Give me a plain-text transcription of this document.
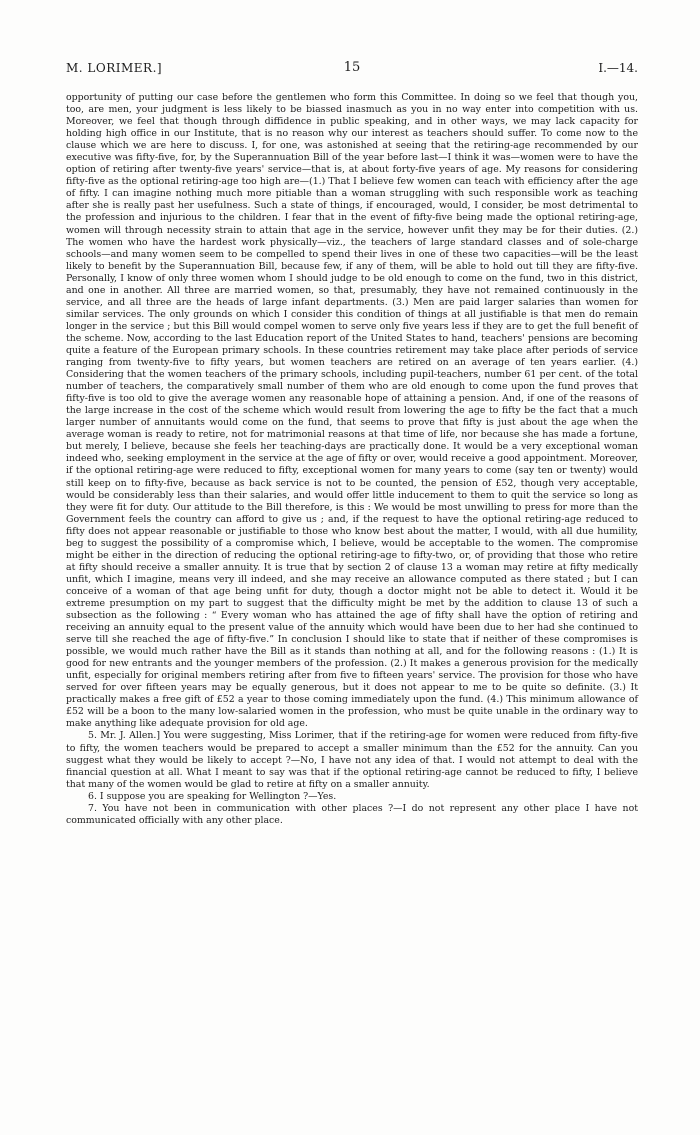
M. LORIMER.]	15	I.—14.

opportunity of putting our case before the gentlemen who form this Committee. In doing so we feel that though you, too, are men, your judgment is less likely to be biassed inasmuch as you in no way enter into competition with us. Moreover, we feel that though through diffidence in public speaking, and in other ways, we may lack capacity for holding high office in our Institute, that is no reason why our interest as teachers should suffer. To come now to the clause which we are here to discuss. I, for one, was astonished at seeing that the retiring-age recommended by our executive was fifty-five, for, by the Superannuation Bill of the year before last—I think it was—women were to have the option of retiring after twenty-five years' service—that is, at about forty-five years of age. My reasons for considering fifty-five as the optional retiring-age too high are—(1.) That I believe few women can teach with efficiency after the age of fifty. I can imagine nothing much more pitiable than a woman struggling with such responsible work as teaching after she is really past her usefulness. Such a state of things, if encouraged, would, I consider, be most detrimental to the profession and injurious to the children. I fear that in the event of fifty-five being made the optional retiring-age, women will through necessity strain to attain that age in the service, however unfit they may be for their duties. (2.) The women who have the hardest work physically—viz., the teachers of large standard classes and of sole-charge schools—and many women seem to be compelled to spend their lives in one of these two capacities—will be the least likely to benefit by the Superannuation Bill, because few, if any of them, will be able to hold out till they are fifty-five. Personally, I know of only three women whom I should judge to be old enough to come on the fund, two in this district, and one in another. All three are married women, so that, presumably, they have not remained continuously in the service, and all three are the heads of large infant departments. (3.) Men are paid larger salaries than women for similar services. The only grounds on which I consider this condition of things at all justifiable is that men do remain longer in the service ; but this Bill would compel women to serve only five years less if they are to get the full benefit of the scheme. Now, according to the last Education report of the United States to hand, teachers' pensions are becoming quite a feature of the European primary schools. In these countries retirement may take place after periods of service ranging from twenty-five to fifty years, but women teachers are retired on an average of ten years earlier. (4.) Considering that the women teachers of the primary schools, including pupil-teachers, number 61 per cent. of the total number of teachers, the comparatively small number of them who are old enough to come upon the fund proves that fifty-five is too old to give the average women any reasonable hope of attaining a pension. And, if one of the reasons of the large increase in the cost of the scheme which would result from lowering the age to fifty be the fact that a much larger number of annuitants would come on the fund, that seems to prove that fifty is just about the age when the average woman is ready to retire, not for matrimonial reasons at that time of life, nor because she has made a fortune, but merely, I believe, because she feels her teaching-days are practically done. It would be a very exceptional woman indeed who, seeking employment in the service at the age of fifty or over, would receive a good appointment. Moreover, if the optional retiring-age were reduced to fifty, exceptional women for many years to come (say ten or twenty) would still keep on to fifty-five, because as back service is not to be counted, the pension of £52, though very acceptable, would be considerably less than their salaries, and would offer little inducement to them to quit the service so long as they were fit for duty. Our attitude to the Bill therefore, is this : We would be most unwilling to press for more than the Government feels the country can afford to give us ; and, if the request to have the optional retiring-age reduced to fifty does not appear reasonable or justifiable to those who know best about the matter, I would, with all due humility, beg to suggest the possibility of a compromise which, I believe, would be acceptable to the women. The compromise might be either in the direction of reducing the optional retiring-age to fifty-two, or, of providing that those who retire at fifty should receive a smaller annuity. It is true that by section 2 of clause 13 a woman may retire at fifty medically unfit, which I imagine, means very ill indeed, and she may receive an allowance computed as there stated ; but I can conceive of a woman of that age being unfit for duty, though a doctor might not be able to detect it. Would it be extreme presumption on my part to suggest that the difficulty might be met by the addition to clause 13 of such a subsection as the following : “ Every woman who has attained the age of fifty shall have the option of retiring and receiving an annuity equal to the present value of the annuity which would have been due to her had she continued to serve till she reached the age of fifty-five.” In conclusion I should like to state that if neither of these compromises is possible, we would much rather have the Bill as it stands than nothing at all, and for the following reasons : (1.) It is good for new entrants and the younger members of the profession. (2.) It makes a generous provision for the medically unfit, especially for original members retiring after from five to fifteen years' service. The provision for those who have served for over fifteen years may be equally generous, but it does not appear to me to be quite so definite. (3.) It practically makes a free gift of £52 a year to those coming immediately upon the fund. (4.) This minimum allowance of £52 will be a boon to the many low-salaried women in the profession, who must be quite unable in the ordinary way to make anything like adequate provision for old age.

5. Mr. J. Allen.] You were suggesting, Miss Lorimer, that if the retiring-age for women were reduced from fifty-five to fifty, the women teachers would be prepared to accept a smaller minimum than the £52 for the annuity. Can you suggest what they would be likely to accept ?—No, I have not any idea of that. I would not attempt to deal with the financial question at all. What I meant to say was that if the optional retiring-age cannot be reduced to fifty, I believe that many of the women would be glad to retire at fifty on a smaller annuity.

6. I suppose you are speaking for Wellington ?—Yes.

7. You have not been in communication with other places ?—I do not represent any other place I have not communicated officially with any other place.
